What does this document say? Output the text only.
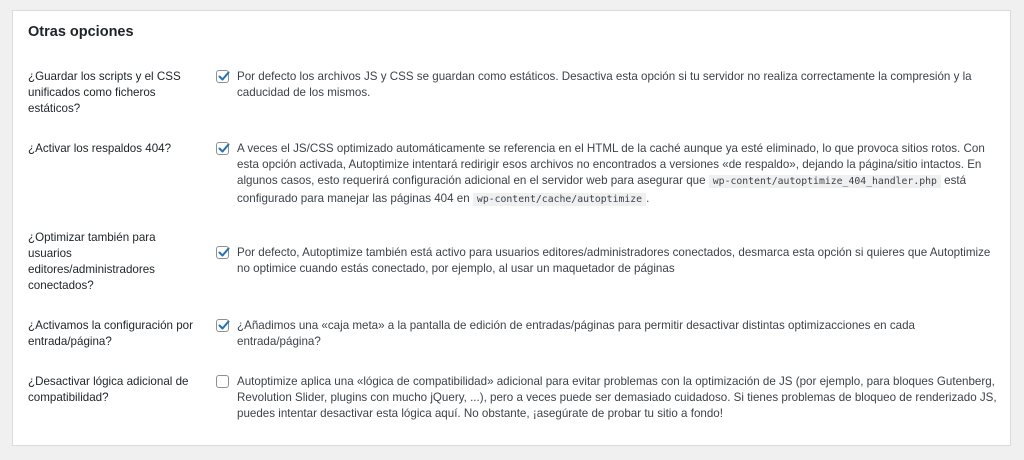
Otras opciones
¿Guardar los scripts y el CSS unificados como ficheros estáticos?
Por defecto los archivos JS y CSS se guardan como estáticos. Desactiva esta opción si tu servidor no realiza correctamente la compresión y la caducidad de los mismos.
¿Activar los respaldos 404?	A veces el JS/CSS optimizado automáticamente se referencia en el HTML de la caché aunque ya esté eliminado, lo que provoca sitios rotos. Con esta opción activada, Autoptimize intentará redirigir esos archivos no encontrados a versiones «de respaldo», dejando la página/sitio intactos. En algunos casos, esto requerirá configuración adicional en el servidor web para asegurar que wp-content/autoptimize_404_handler.php está configurado para manejar las páginas 404 en wp-content/cache/autoptimize .
¿Optimizar también para usuarios editores/administradores conectados?
Por defecto, Autoptimize también está activo para usuarios editores/administradores conectados, desmarca esta opción si quieres que Autoptimize no optimice cuando estás conectado, por ejemplo, al usar un maquetador de páginas
¿Activamos la configuración por entrada/página?
¿Añadimos una «caja meta» a la pantalla de edición de entradas/páginas para permitir desactivar distintas optimizacciones en cada entrada/página?
¿Desactivar lógica adicional de compatibilidad?
Autoptimize aplica una «lógica de compatibilidad» adicional para evitar problemas con la optimización de JS (por ejemplo, para bloques Gutenberg, Revolution Slider, plugins con mucho jQuery, ...), pero a veces puede ser demasiado cuidadoso. Si tienes problemas de bloqueo de renderizado JS, puedes intentar desactivar esta lógica aquí. No obstante, ¡asegúrate de probar tu sitio a fondo!
